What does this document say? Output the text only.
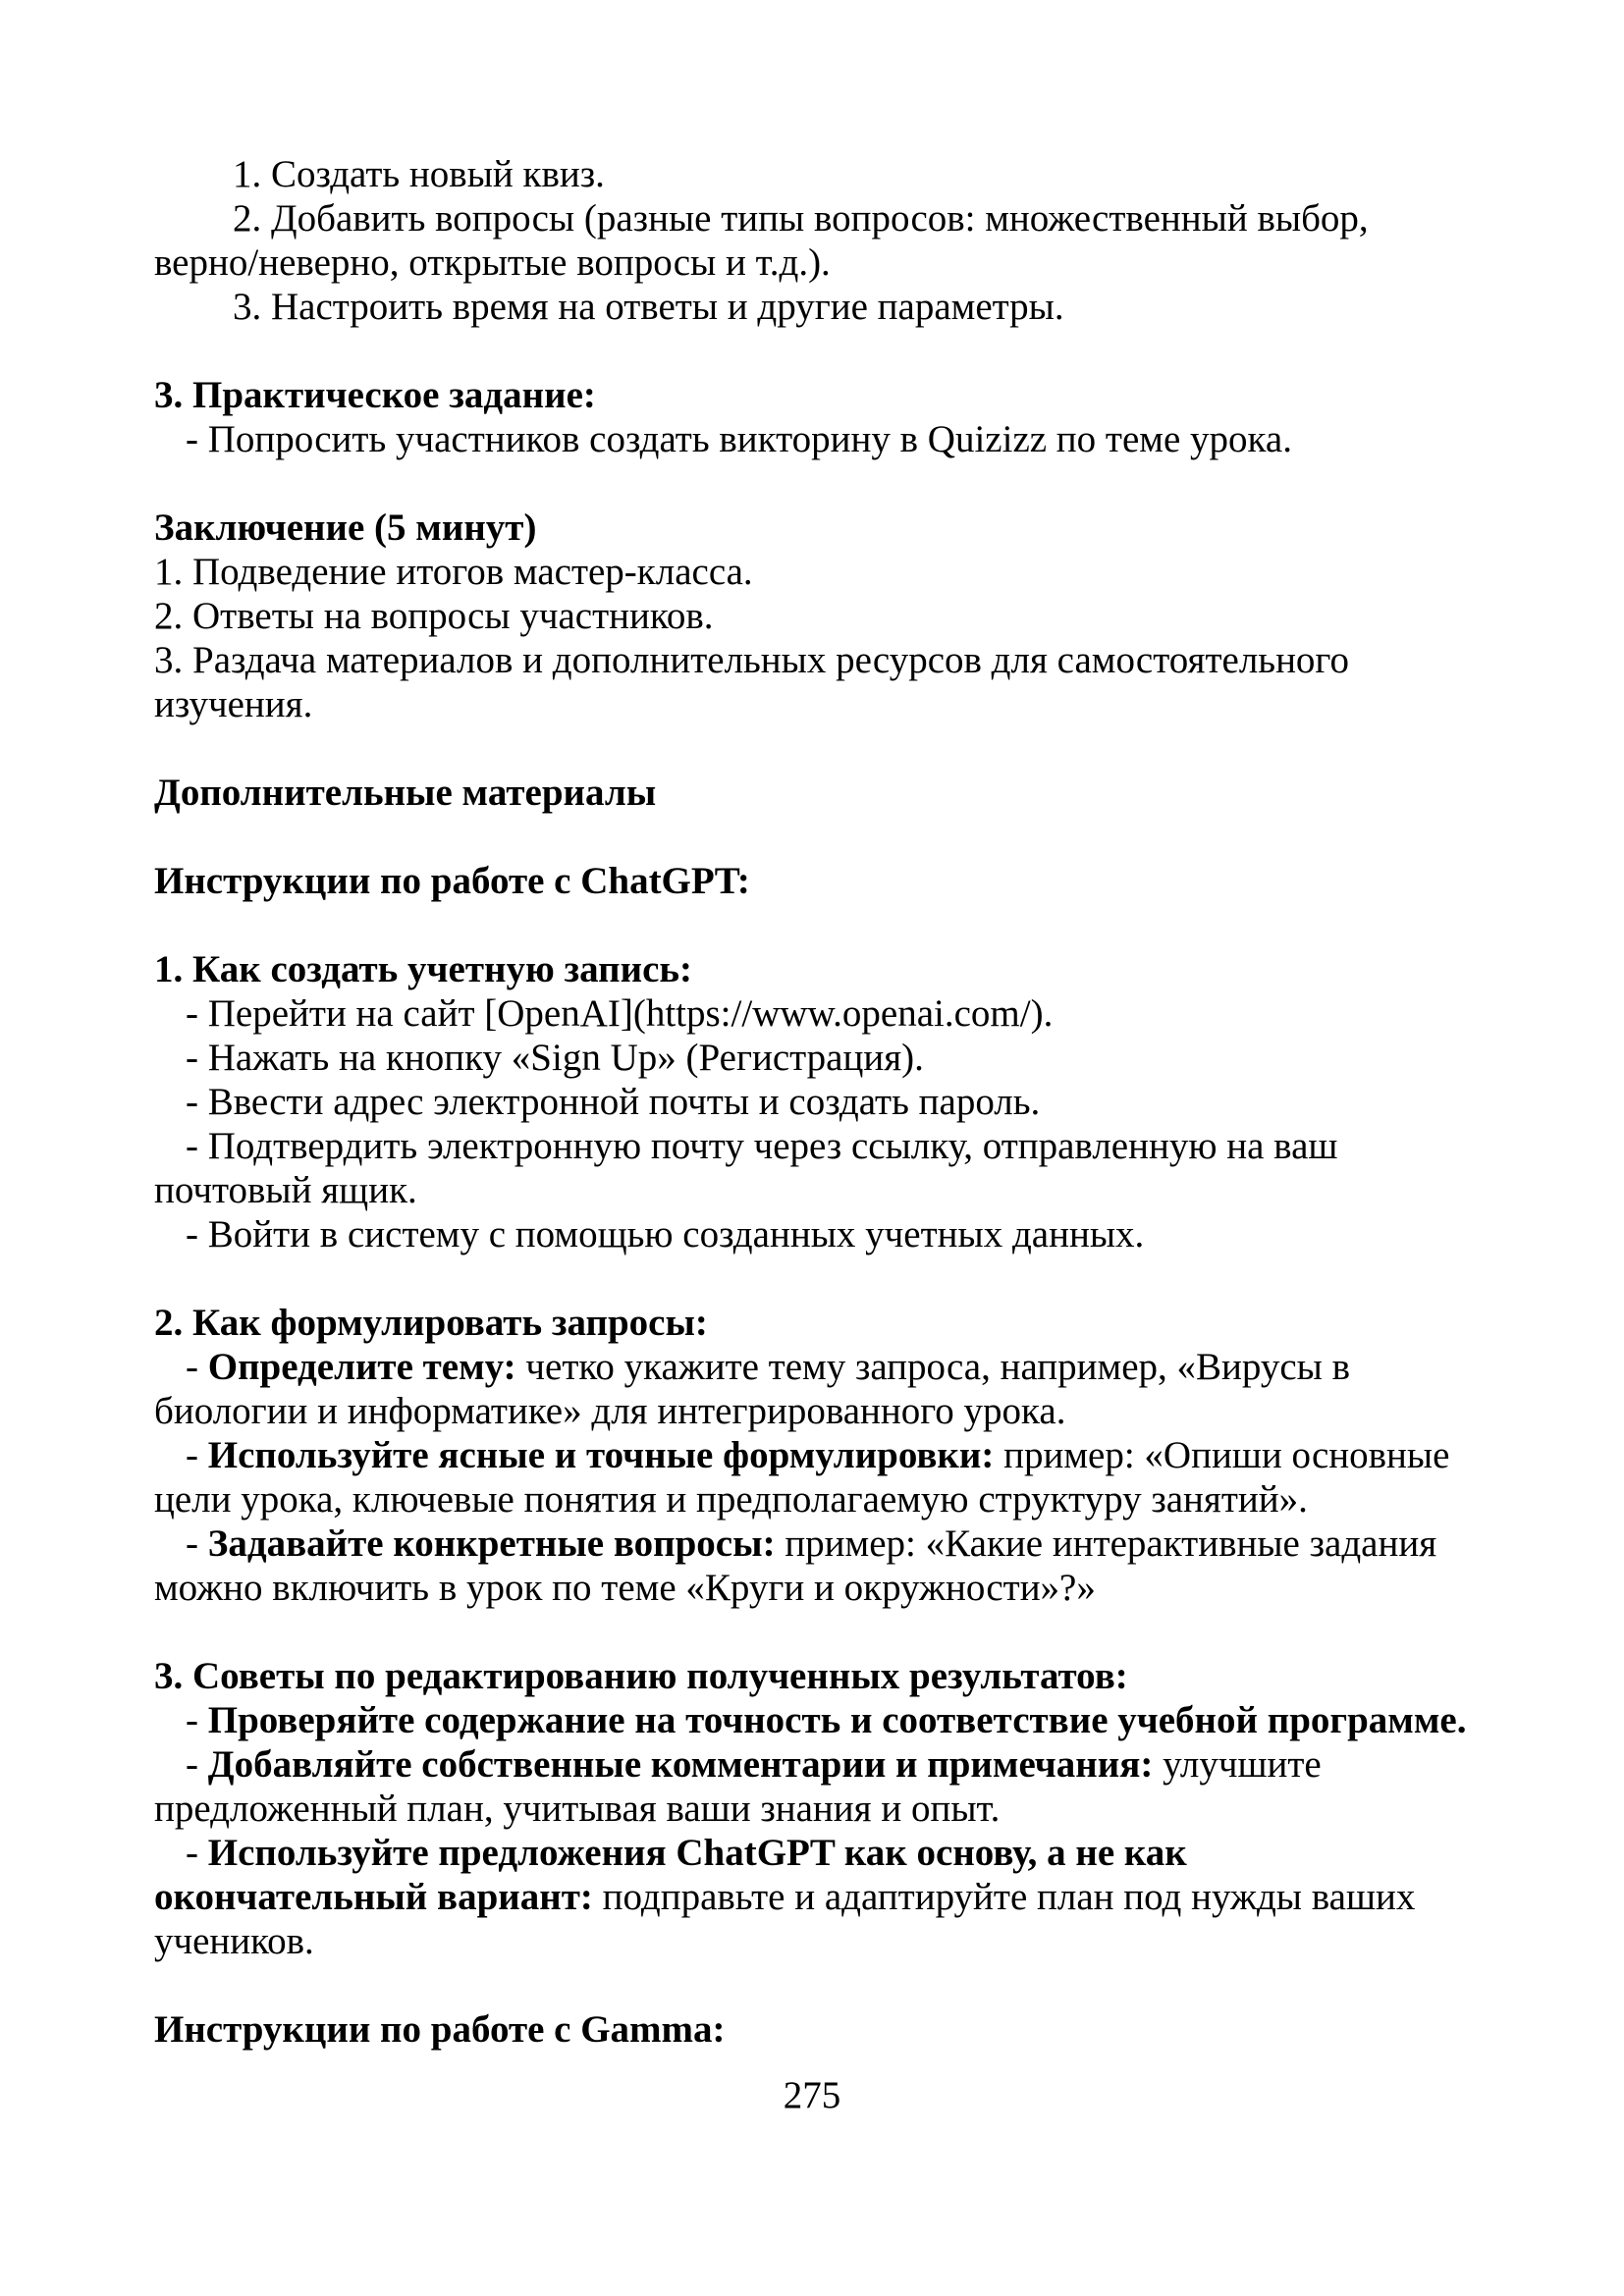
1. Создать новый квиз.
2. Добавить вопросы (разные типы вопросов: множественный выбор,
верно/неверно, открытые вопросы и т.д.).
3. Настроить время на ответы и другие параметры.
3. Практическое задание:
- Попросить участников создать викторину в Quizizz по теме урока.
Заключение (5 минут)
1. Подведение итогов мастер-класса.
2. Ответы на вопросы участников.
3. Раздача материалов и дополнительных ресурсов для самостоятельного
изучения.
Дополнительные материалы
Инструкции по работе с ChatGPT:
1. Как создать учетную запись:
- Перейти на сайт [OpenAI](https://www.openai.com/).
- Нажать на кнопку «Sign Up» (Регистрация).
- Ввести адрес электронной почты и создать пароль.
- Подтвердить электронную почту через ссылку, отправленную на ваш
почтовый ящик.
- Войти в систему с помощью созданных учетных данных.
2. Как формулировать запросы:
- Определите тему: четко укажите тему запроса, например, «Вирусы в
биологии и информатике» для интегрированного урока.
- Используйте ясные и точные формулировки: пример: «Опиши основные
цели урока, ключевые понятия и предполагаемую структуру занятий».
- Задавайте конкретные вопросы: пример: «Какие интерактивные задания
можно включить в урок по теме «Круги и окружности»?»
3. Советы по редактированию полученных результатов:
- Проверяйте содержание на точность и соответствие учебной программе.
- Добавляйте собственные комментарии и примечания: улучшите
предложенный план, учитывая ваши знания и опыт.
- Используйте предложения ChatGPT как основу, а не как
окончательный вариант: подправьте и адаптируйте план под нужды ваших
учеников.
Инструкции по работе с Gamma:
275
